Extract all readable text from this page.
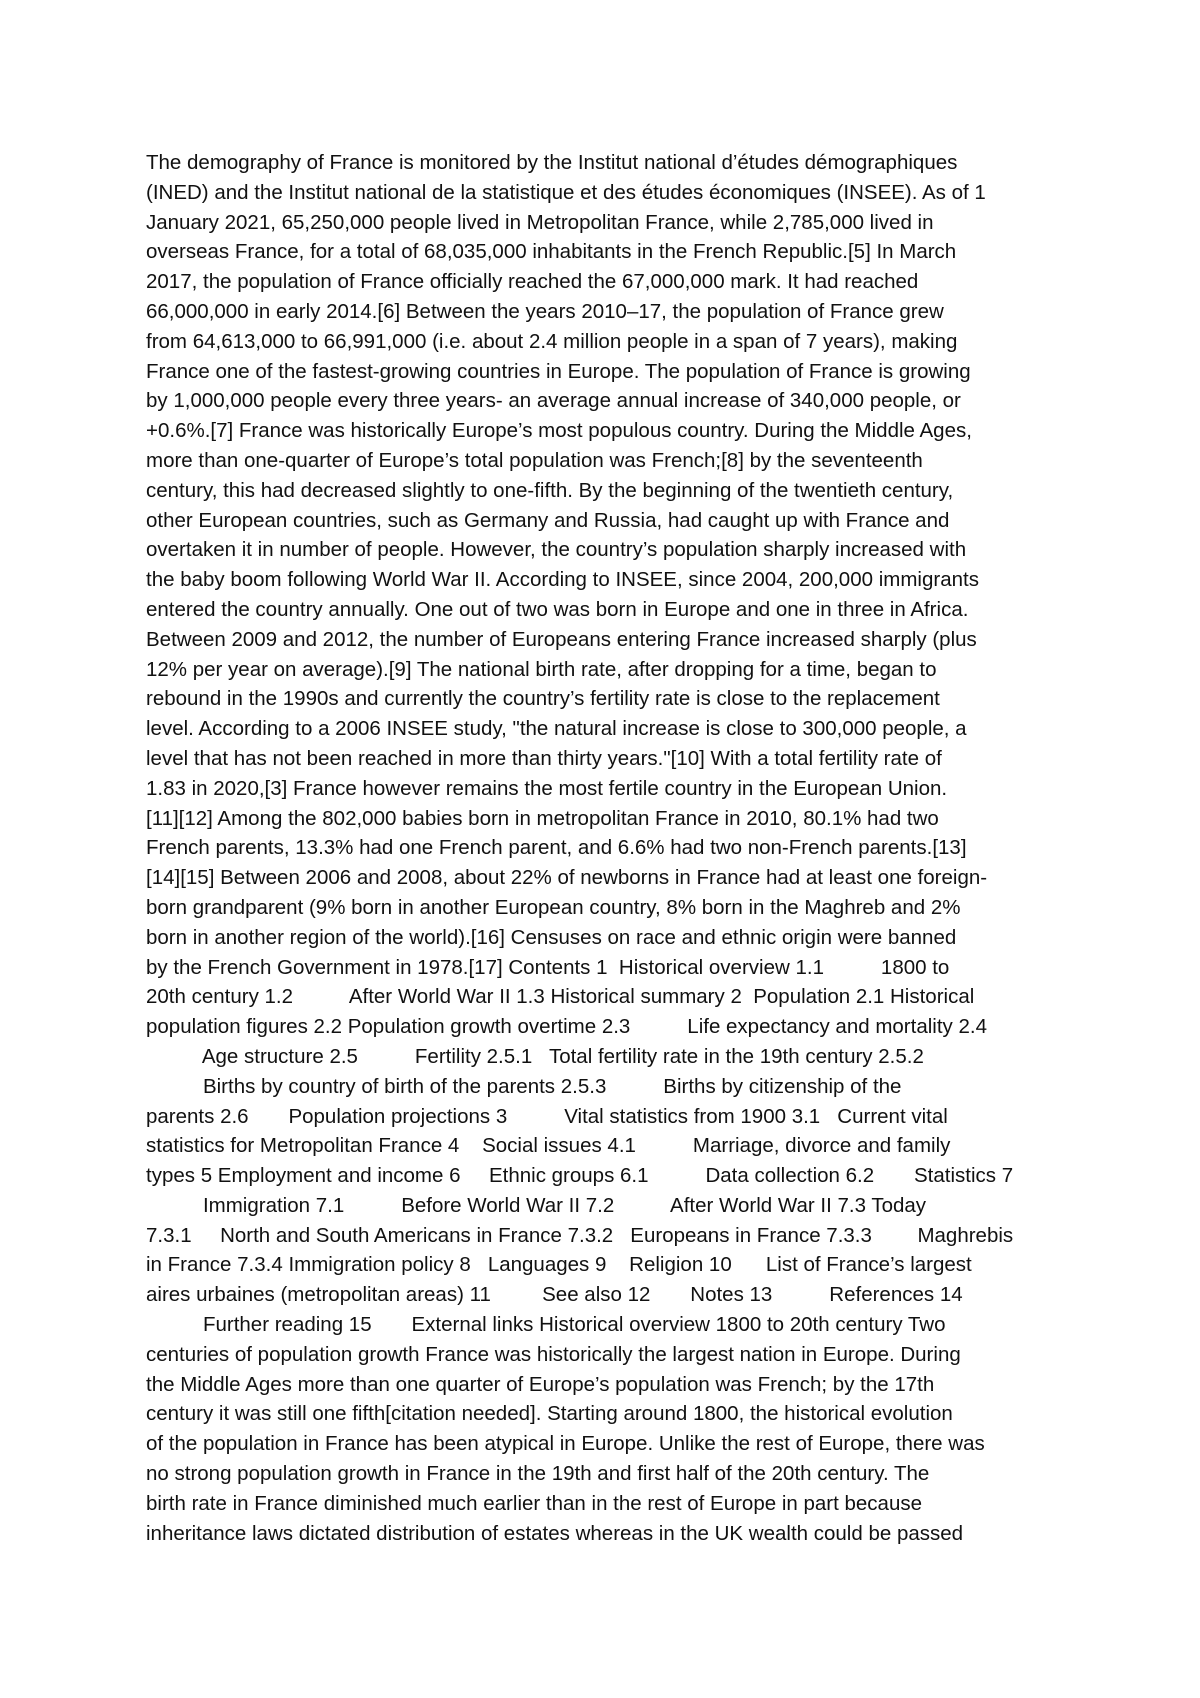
The demography of France is monitored by the Institut national d’études démographiques
(INED) and the Institut national de la statistique et des études économiques (INSEE). As of 1
January 2021, 65,250,000 people lived in Metropolitan France, while 2,785,000 lived in
overseas France, for a total of 68,035,000 inhabitants in the French Republic.[5] In March
2017, the population of France officially reached the 67,000,000 mark. It had reached
66,000,000 in early 2014.[6] Between the years 2010–17, the population of France grew
from 64,613,000 to 66,991,000 (i.e. about 2.4 million people in a span of 7 years), making
France one of the fastest-growing countries in Europe. The population of France is growing
by 1,000,000 people every three years- an average annual increase of 340,000 people, or
+0.6%.[7] France was historically Europe’s most populous country. During the Middle Ages,
more than one-quarter of Europe’s total population was French;[8] by the seventeenth
century, this had decreased slightly to one-fifth. By the beginning of the twentieth century,
other European countries, such as Germany and Russia, had caught up with France and
overtaken it in number of people. However, the country’s population sharply increased with
the baby boom following World War II. According to INSEE, since 2004, 200,000 immigrants
entered the country annually. One out of two was born in Europe and one in three in Africa.
Between 2009 and 2012, the number of Europeans entering France increased sharply (plus
12% per year on average).[9] The national birth rate, after dropping for a time, began to
rebound in the 1990s and currently the country’s fertility rate is close to the replacement
level. According to a 2006 INSEE study, "the natural increase is close to 300,000 people, a
level that has not been reached in more than thirty years."[10] With a total fertility rate of
1.83 in 2020,[3] France however remains the most fertile country in the European Union.
[11][12] Among the 802,000 babies born in metropolitan France in 2010, 80.1% had two
French parents, 13.3% had one French parent, and 6.6% had two non-French parents.[13]
[14][15] Between 2006 and 2008, about 22% of newborns in France had at least one foreign-
born grandparent (9% born in another European country, 8% born in the Maghreb and 2%
born in another region of the world).[16] Censuses on race and ethnic origin were banned
by the French Government in 1978.[17] Contents 1  Historical overview 1.1          1800 to
20th century 1.2          After World War II 1.3 Historical summary 2  Population 2.1 Historical
population figures 2.2 Population growth overtime 2.3          Life expectancy and mortality 2.4
Age structure 2.5          Fertility 2.5.1   Total fertility rate in the 19th century 2.5.2
Births by country of birth of the parents 2.5.3          Births by citizenship of the
parents 2.6       Population projections 3          Vital statistics from 1900 3.1   Current vital
statistics for Metropolitan France 4    Social issues 4.1          Marriage, divorce and family
types 5 Employment and income 6     Ethnic groups 6.1          Data collection 6.2       Statistics 7
Immigration 7.1          Before World War II 7.2          After World War II 7.3 Today
7.3.1     North and South Americans in France 7.3.2   Europeans in France 7.3.3        Maghrebis
in France 7.3.4 Immigration policy 8   Languages 9    Religion 10      List of France’s largest
aires urbaines (metropolitan areas) 11         See also 12       Notes 13          References 14
Further reading 15       External links Historical overview 1800 to 20th century Two
centuries of population growth France was historically the largest nation in Europe. During
the Middle Ages more than one quarter of Europe’s population was French; by the 17th
century it was still one fifth[citation needed]. Starting around 1800, the historical evolution
of the population in France has been atypical in Europe. Unlike the rest of Europe, there was
no strong population growth in France in the 19th and first half of the 20th century. The
birth rate in France diminished much earlier than in the rest of Europe in part because
inheritance laws dictated distribution of estates whereas in the UK wealth could be passed
